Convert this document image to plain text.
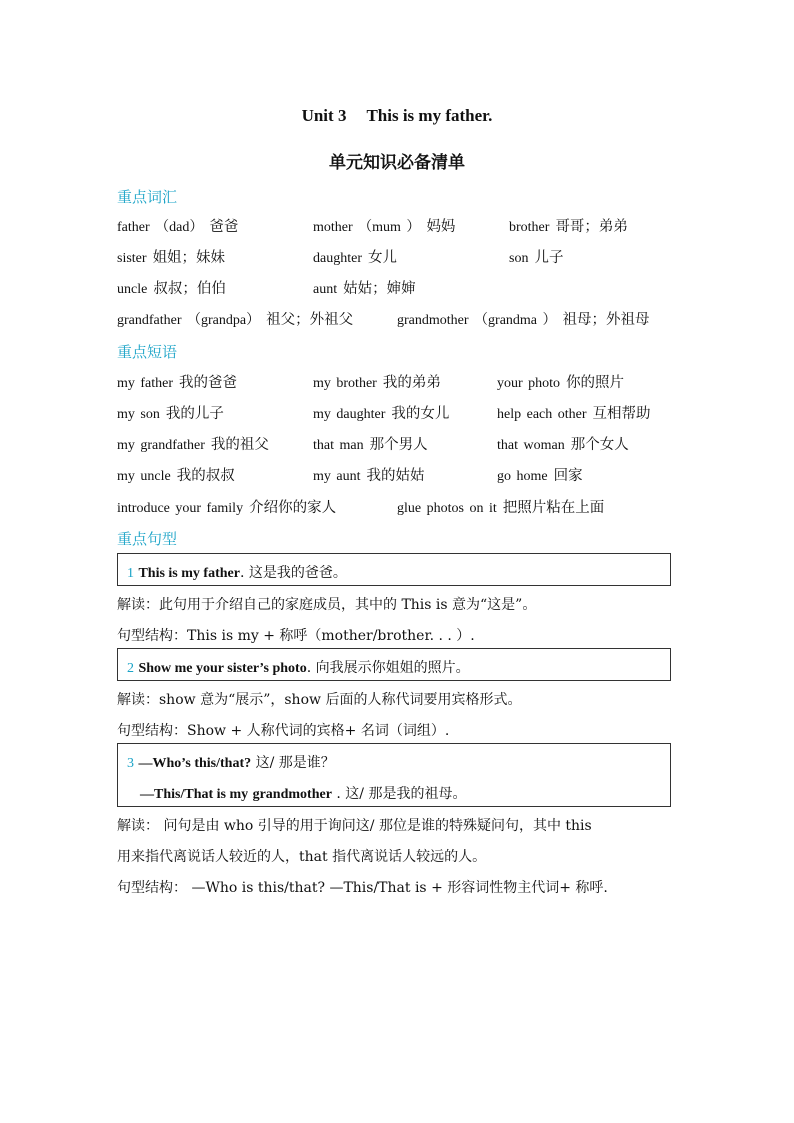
Unit 3 This is my father.
单元知识必备清单
重点词汇
father （dad） 爸爸	mother （mum ） 妈妈	brother 哥哥；弟弟
sister 姐姐；妹妹	daughter 女儿	son 儿子
uncle 叔叔；伯伯	aunt 姑姑；婶婶
grandfather （grandpa） 祖父；外祖父	grandmother （grandma ） 祖母；外祖母
重点短语
my father 我的爸爸	my brother 我的弟弟	your photo 你的照片
my son 我的儿子	my daughter 我的女儿	help each other 互相帮助
my grandfather 我的祖父	that man 那个男人	that woman 那个女人
my uncle 我的叔叔	my aunt 我的姑姑	go home 回家
introduce your family 介绍你的家人	glue photos on it 把照片粘在上面
重点句型
1 This is my father. 这是我的爸爸。
解读：此句用于介绍自己的家庭成员，其中的 This is 意为“这是”。
句型结构：This is my + 称呼（mother/brother. . . ）.
2 Show me your sister’s photo. 向我展示你姐姐的照片。
解读：show 意为“展示”，show 后面的人称代词要用宾格形式。
句型结构：Show + 人称代词的宾格+ 名词（词组）.
3 —Who’s this/that? 这/ 那是谁？
—This/That is my grandmother . 这/ 那是我的祖母。
解读： 问句是由 who 引导的用于询问这/ 那位是谁的特殊疑问句，其中 this
用来指代离说话人较近的人，that 指代离说话人较远的人。
句型结构： —Who is this/that? —This/That is + 形容词性物主代词+ 称呼.
